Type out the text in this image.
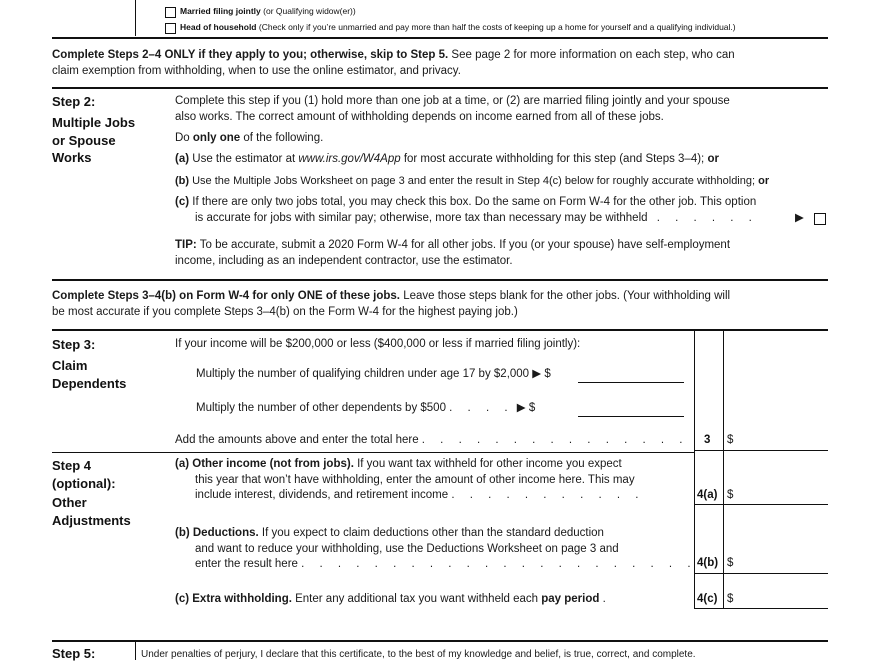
Married filing jointly (or Qualifying widow(er))
Head of household (Check only if you’re unmarried and pay more than half the costs of keeping up a home for yourself and a qualifying individual.)
Complete Steps 2–4 ONLY if they apply to you; otherwise, skip to Step 5. See page 2 for more information on each step, who can
claim exemption from withholding, when to use the online estimator, and privacy.
Step 2:
Multiple Jobs
or Spouse
Works
Complete this step if you (1) hold more than one job at a time, or (2) are married filing jointly and your spouse
also works. The correct amount of withholding depends on income earned from all of these jobs.
Do only one of the following.
(a) Use the estimator at www.irs.gov/W4App for most accurate withholding for this step (and Steps 3–4); or
(b) Use the Multiple Jobs Worksheet on page 3 and enter the result in Step 4(c) below for roughly accurate withholding; or
(c) If there are only two jobs total, you may check this box. Do the same on Form W-4 for the other job. This option
is accurate for jobs with similar pay; otherwise, more tax than necessary may be withheld . . . . . .	▶
TIP: To be accurate, submit a 2020 Form W-4 for all other jobs. If you (or your spouse) have self-employment
income, including as an independent contractor, use the estimator.
Complete Steps 3–4(b) on Form W-4 for only ONE of these jobs. Leave those steps blank for the other jobs. (Your withholding will
be most accurate if you complete Steps 3–4(b) on the Form W-4 for the highest paying job.)
Step 3:
Claim
Dependents
If your income will be $200,000 or less ($400,000 or less if married filing jointly):
Multiply the number of qualifying children under age 17 by $2,000 ▶ $
Multiply the number of other dependents by $500 . . . . ▶ $
Add the amounts above and enter the total here . . . . . . . . . . . . . . . 3 $
Step 4
(optional):
Other
Adjustments
(a) Other income (not from jobs). If you want tax withheld for other income you expect
this year that won’t have withholding, enter the amount of other income here. This may
include interest, dividends, and retirement income . . . . . . . . . . .	4(a) $
(b) Deductions. If you expect to claim deductions other than the standard deduction
and want to reduce your withholding, use the Deductions Worksheet on page 3 and
enter the result here . . . . . . . . . . . . . . . . . . . . . . 4(b) $
(c) Extra withholding. Enter any additional tax you want withheld each pay period .	4(c) $
Step 5:	Under penalties of perjury, I declare that this certificate, to the best of my knowledge and belief, is true, correct, and complete.
